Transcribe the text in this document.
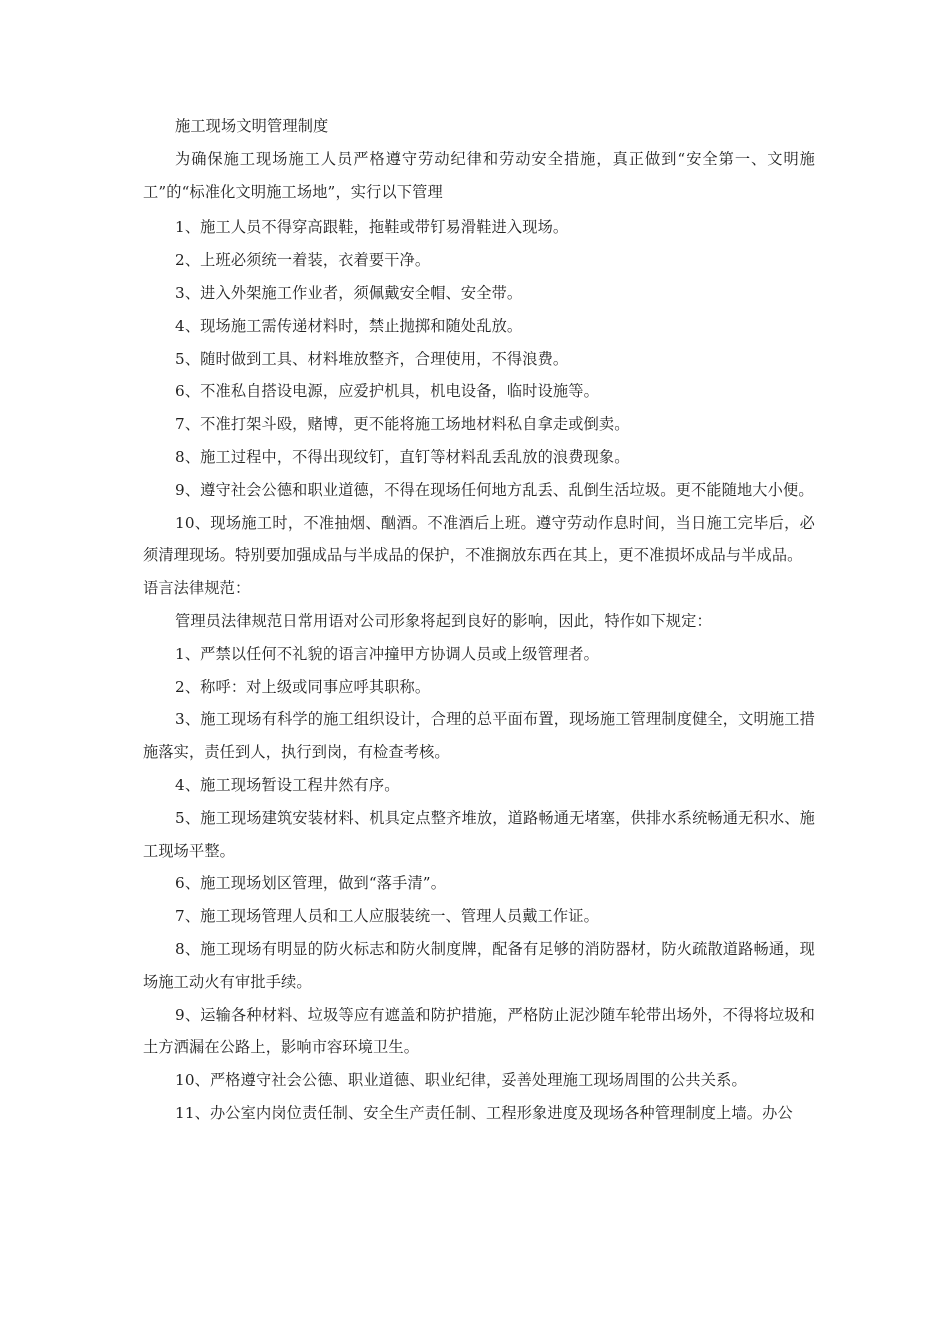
施工现场文明管理制度

为确保施工现场施工人员严格遵守劳动纪律和劳动安全措施，真正做到“安全第一、文明施工”的“标准化文明施工场地”，实行以下管理

1、施工人员不得穿高跟鞋，拖鞋或带钉易滑鞋进入现场。

2、上班必须统一着装，衣着要干净。

3、进入外架施工作业者，须佩戴安全帽、安全带。

4、现场施工需传递材料时，禁止抛掷和随处乱放。

5、随时做到工具、材料堆放整齐，合理使用，不得浪费。

6、不准私自搭设电源，应爱护机具，机电设备，临时设施等。

7、不准打架斗殴，赌博，更不能将施工场地材料私自拿走或倒卖。

8、施工过程中，不得出现纹钉，直钉等材料乱丢乱放的浪费现象。

9、遵守社会公德和职业道德，不得在现场任何地方乱丢、乱倒生活垃圾。更不能随地大小便。

10、现场施工时，不准抽烟、酗酒。不准酒后上班。遵守劳动作息时间，当日施工完毕后，必须清理现场。特别要加强成品与半成品的保护，不准搁放东西在其上，更不准损坏成品与半成品。

语言法律规范：

管理员法律规范日常用语对公司形象将起到良好的影响，因此，特作如下规定：

1、严禁以任何不礼貌的语言冲撞甲方协调人员或上级管理者。

2、称呼：对上级或同事应呼其职称。

3、施工现场有科学的施工组织设计，合理的总平面布置，现场施工管理制度健全，文明施工措施落实，责任到人，执行到岗，有检查考核。

4、施工现场暂设工程井然有序。

5、施工现场建筑安装材料、机具定点整齐堆放，道路畅通无堵塞，供排水系统畅通无积水、施工现场平整。

6、施工现场划区管理，做到“落手清”。

7、施工现场管理人员和工人应服装统一、管理人员戴工作证。

8、施工现场有明显的防火标志和防火制度牌，配备有足够的消防器材，防火疏散道路畅通，现场施工动火有审批手续。

9、运输各种材料、垃圾等应有遮盖和防护措施，严格防止泥沙随车轮带出场外，不得将垃圾和土方洒漏在公路上，影响市容环境卫生。

10、严格遵守社会公德、职业道德、职业纪律，妥善处理施工现场周围的公共关系。

11、办公室内岗位责任制、安全生产责任制、工程形象进度及现场各种管理制度上墙。办公
